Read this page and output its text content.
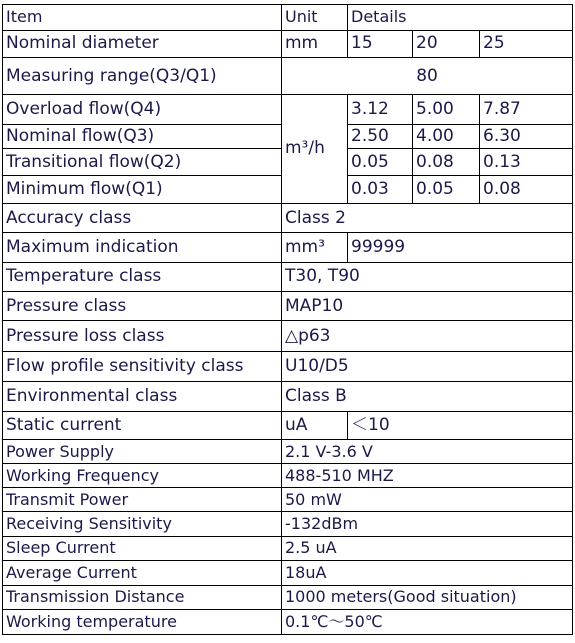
Item	Unit	Details		
Nominal diameter	mm	15	20	25
Measuring range(Q3/Q1)	80			
Overload flow(Q4)	m³/h	3.12	5.00	7.87
Nominal flow(Q3)		2.50	4.00	6.30
Transitional flow(Q2)		0.05	0.08	0.13
Minimum flow(Q1)		0.03	0.05	0.08
Accuracy class	Class 2			
Maximum indication	mm³	99999		
Temperature class	T30, T90			
Pressure class	MAP10			
Pressure loss class	△p63			
Flow profile sensitivity class	U10/D5			
Environmental class	Class B			
Static current	uA	＜10		
Power Supply	2.1 V-3.6 V			
Working Frequency	488-510 MHZ			
Transmit Power	50 mW			
Receiving Sensitivity	-132dBm			
Sleep Current	2.5 uA			
Average Current	18uA			
Transmission Distance	1000 meters(Good situation)			
Working temperature	0.1℃～50℃			
